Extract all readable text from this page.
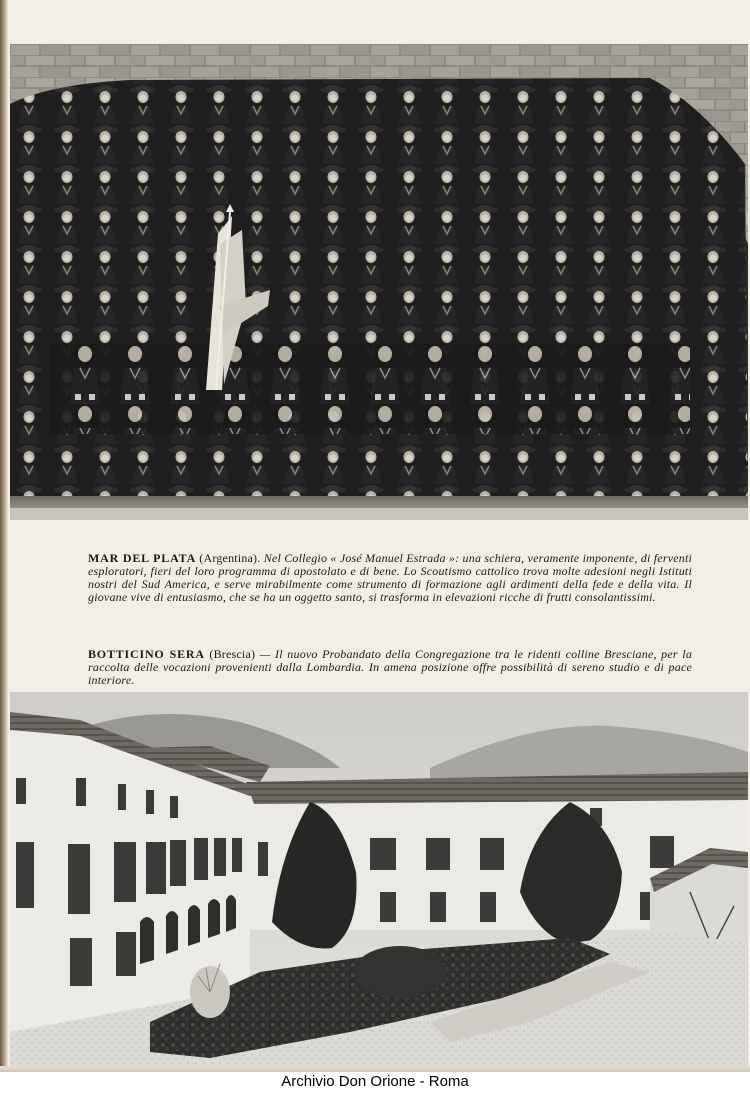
MAR DEL PLATA (Argentina). Nel Collegio « José Manuel Estrada »: una schiera, veramente imponente, di ferventi esploratori, fieri del loro programma di apostolato e di bene. Lo Scoutismo cattolico trova molte adesioni negli Istituti nostri del Sud America, e serve mirabilmente come strumento di formazione agli ardimenti della fede e della vita. Il giovane vive di entusiasmo, che se ha un oggetto santo, si trasforma in elevazioni ricche di frutti consolantissimi.

BOTTICINO SERA (Brescia) — Il nuovo Probandato della Congregazione tra le ridenti colline Bresciane, per la raccolta delle vocazioni provenienti dalla Lombardia. In amena posizione offre possibilità di sereno studio e di pace interiore.

Archivio Don Orione - Roma
